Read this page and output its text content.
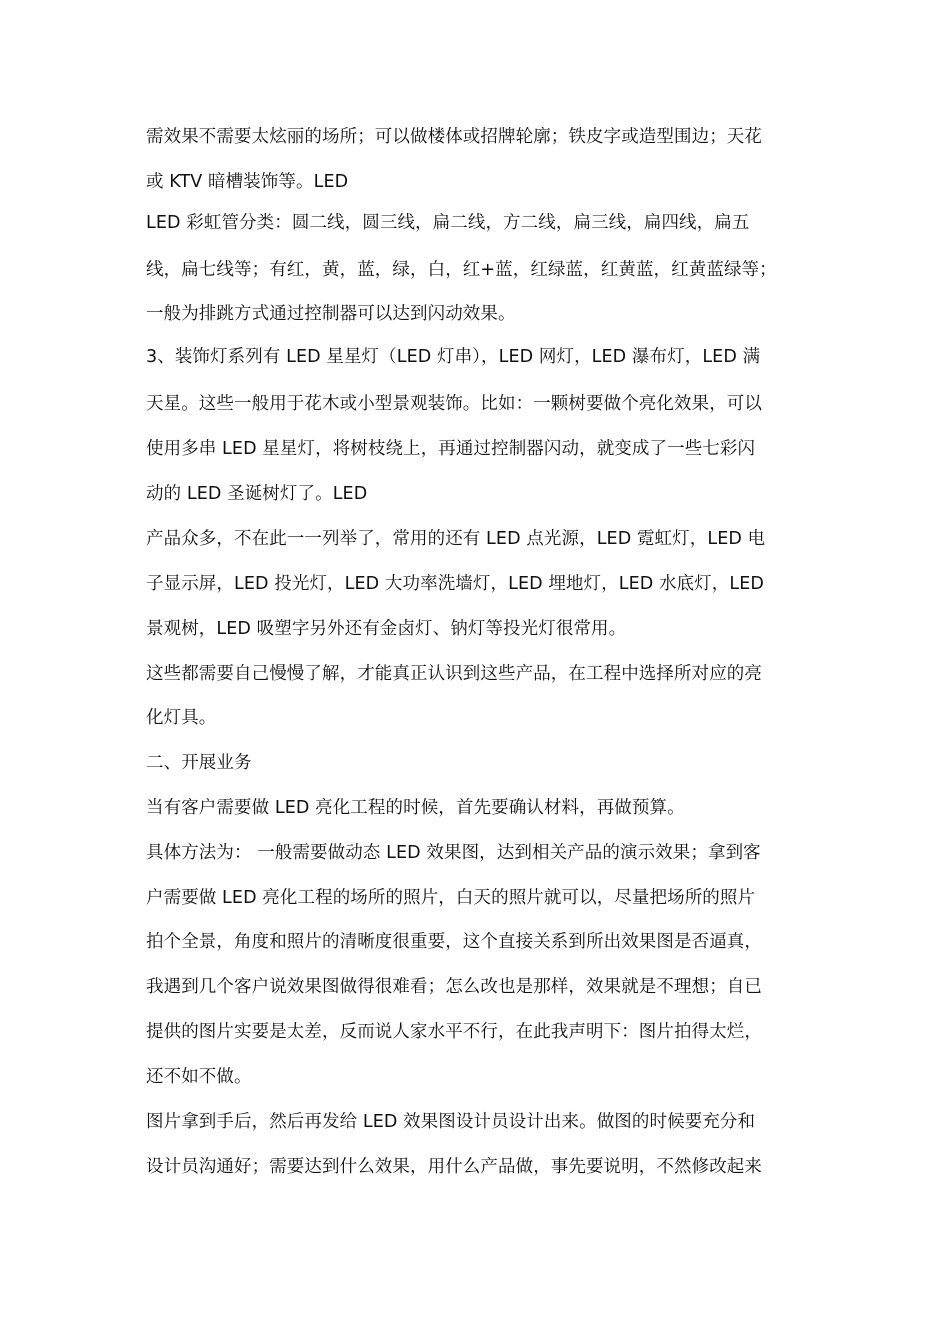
需效果不需要太炫丽的场所；可以做楼体或招牌轮廓；铁皮字或造型围边；天花
或 KTV 暗槽装饰等。LED
LED 彩虹管分类：圆二线，圆三线，扁二线，方二线，扁三线，扁四线，扁五
线，扁七线等；有红，黄，蓝，绿，白，红+蓝，红绿蓝，红黄蓝，红黄蓝绿等；
一般为排跳方式通过控制器可以达到闪动效果。
3、装饰灯系列有 LED 星星灯（LED 灯串），LED 网灯，LED 瀑布灯，LED 满
天星。这些一般用于花木或小型景观装饰。比如：一颗树要做个亮化效果，可以
使用多串 LED 星星灯，将树枝绕上，再通过控制器闪动，就变成了一些七彩闪
动的 LED 圣诞树灯了。LED
产品众多，不在此一一列举了，常用的还有 LED 点光源，LED 霓虹灯，LED 电
子显示屏，LED 投光灯，LED 大功率洗墙灯，LED 埋地灯，LED 水底灯，LED
景观树，LED 吸塑字另外还有金卤灯、钠灯等投光灯很常用。
这些都需要自己慢慢了解，才能真正认识到这些产品，在工程中选择所对应的亮
化灯具。
二、开展业务
当有客户需要做 LED 亮化工程的时候，首先要确认材料，再做预算。
具体方法为： 一般需要做动态 LED 效果图，达到相关产品的演示效果；拿到客
户需要做 LED 亮化工程的场所的照片，白天的照片就可以，尽量把场所的照片
拍个全景，角度和照片的清晰度很重要，这个直接关系到所出效果图是否逼真，
我遇到几个客户说效果图做得很难看；怎么改也是那样，效果就是不理想；自已
提供的图片实要是太差，反而说人家水平不行，在此我声明下：图片拍得太烂，
还不如不做。
图片拿到手后，然后再发给 LED 效果图设计员设计出来。做图的时候要充分和
设计员沟通好；需要达到什么效果，用什么产品做，事先要说明，不然修改起来
